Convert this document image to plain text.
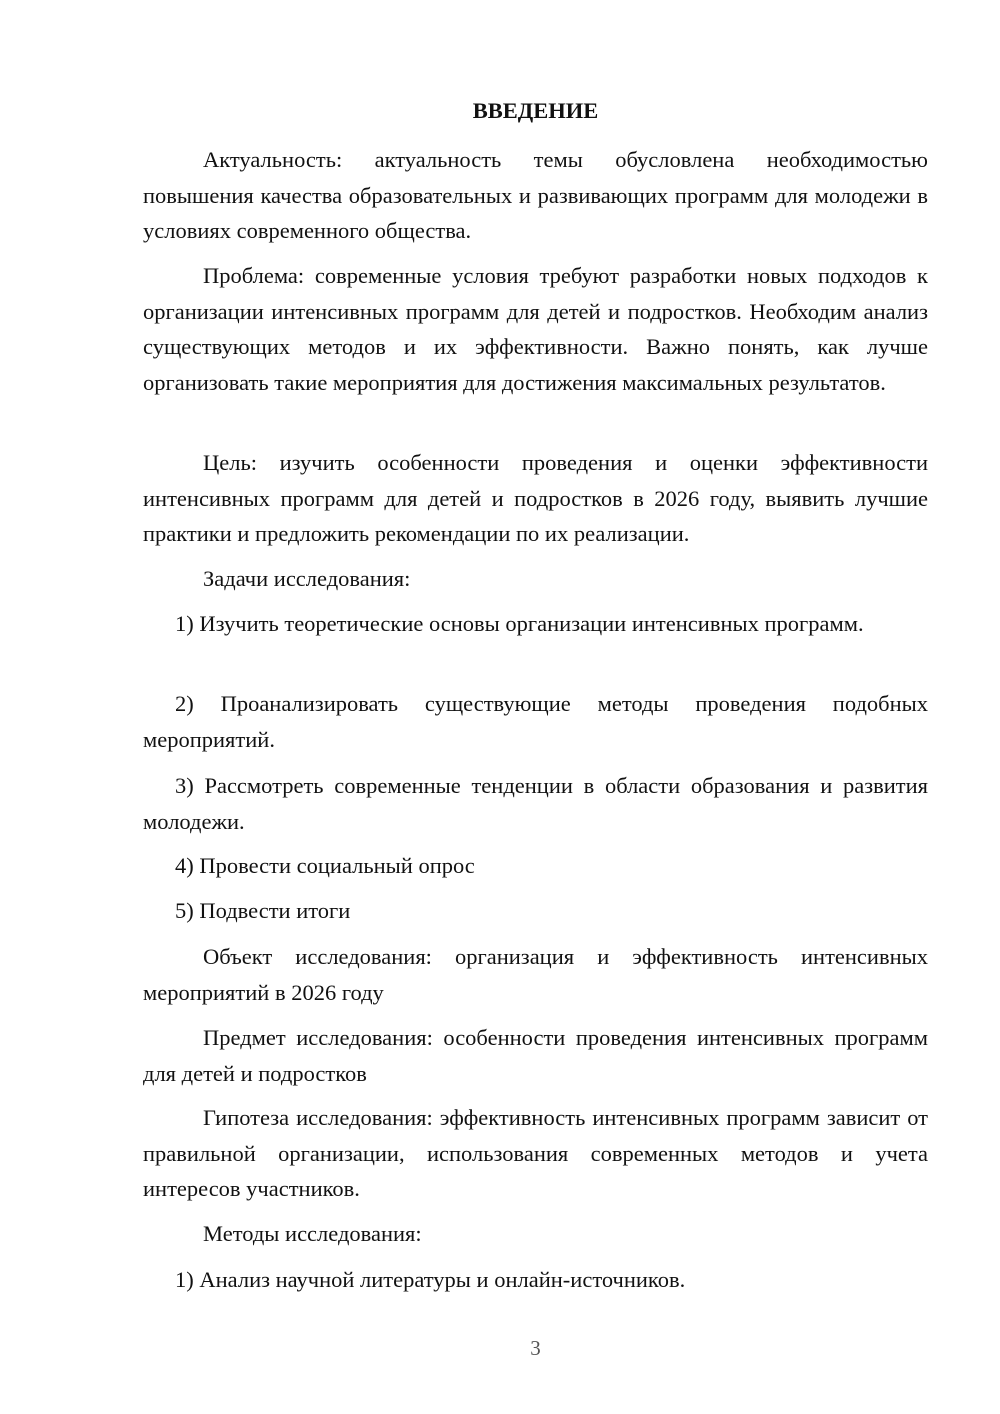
ВВЕДЕНИЕ

Актуальность: актуальность темы обусловлена необходимостью повышения качества образовательных и развивающих программ для молодежи в условиях современного общества.

Проблема: современные условия требуют разработки новых подходов к организации интенсивных программ для детей и подростков. Необходим анализ существующих методов и их эффективности. Важно понять, как лучше организовать такие мероприятия для достижения максимальных результатов.

Цель: изучить особенности проведения и оценки эффективности интенсивных программ для детей и подростков в 2026 году, выявить лучшие практики и предложить рекомендации по их реализации.

Задачи исследования:

1) Изучить теоретические основы организации интенсивных программ.

2) Проанализировать существующие методы проведения подобных мероприятий.

3) Рассмотреть современные тенденции в области образования и развития молодежи.

4) Провести социальный опрос

5) Подвести итоги

Объект исследования: организация и эффективность интенсивных мероприятий в 2026 году

Предмет исследования: особенности проведения интенсивных программ для детей и подростков

Гипотеза исследования: эффективность интенсивных программ зависит от правильной организации, использования современных методов и учета интересов участников.

Методы исследования:

1) Анализ научной литературы и онлайн-источников.

3
